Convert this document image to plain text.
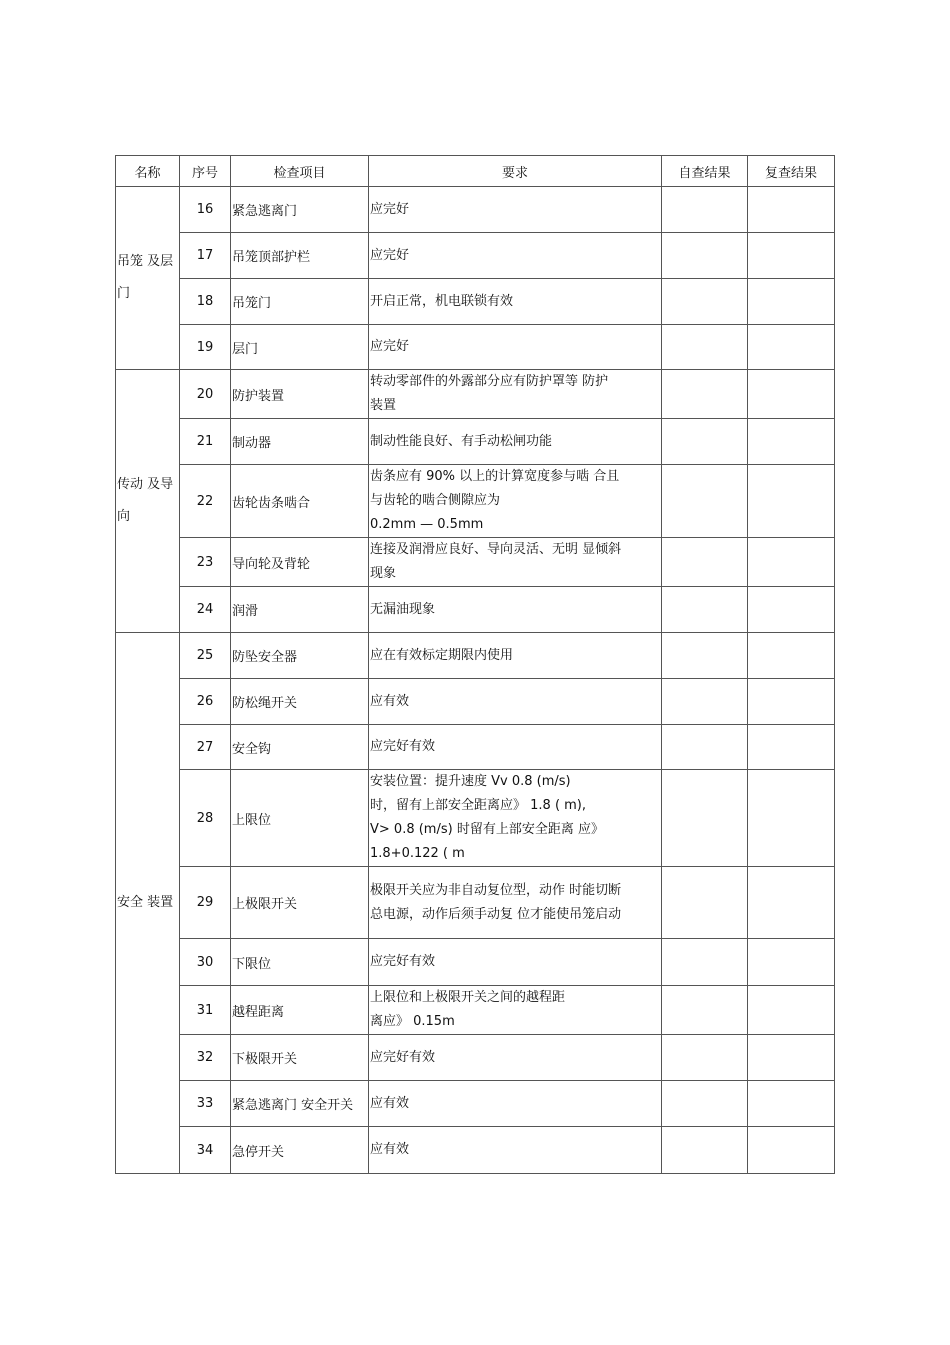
名称	序号	检查项目	要求	自查结果	复查结果
吊笼 及层门	16	紧急逃离门	应完好		

	17	吊笼顶部护栏	应完好		

	18	吊笼门	开启正常，机电联锁有效		

	19	层门	应完好		

传动 及导向	20	防护装置	转动零部件的外露部分应有防护罩等 防护
装置		

	21	制动器	制动性能良好、有手动松闸功能		

	22	齿轮齿条啮合	齿条应有 90% 以上的计算宽度参与啮 合且
与齿轮的啮合侧隙应为
0.2mm — 0.5mm		

	23	导向轮及背轮	连接及润滑应良好、导向灵活、无明 显倾斜
现象		

	24	润滑	无漏油现象		

安全 装置	25	防坠安全器	应在有效标定期限内使用		

	26	防松绳开关	应有效		

	27	安全钩	应完好有效		

	28	上限位	安装位置：提升速度 Vv 0.8 (m/s)
时，留有上部安全距离应》 1.8 ( m),
V> 0.8 (m/s) 时留有上部安全距离 应》
1.8+0.122 ( m		

	29	上极限开关	极限开关应为非自动复位型，动作 时能切断
总电源，动作后须手动复 位才能使吊笼启动		

	30	下限位	应完好有效		

	31	越程距离	上限位和上极限开关之间的越程距
离应》 0.15m		

	32	下极限开关	应完好有效		

	33	紧急逃离门 安全开关	应有效		

	34	急停开关	应有效		
